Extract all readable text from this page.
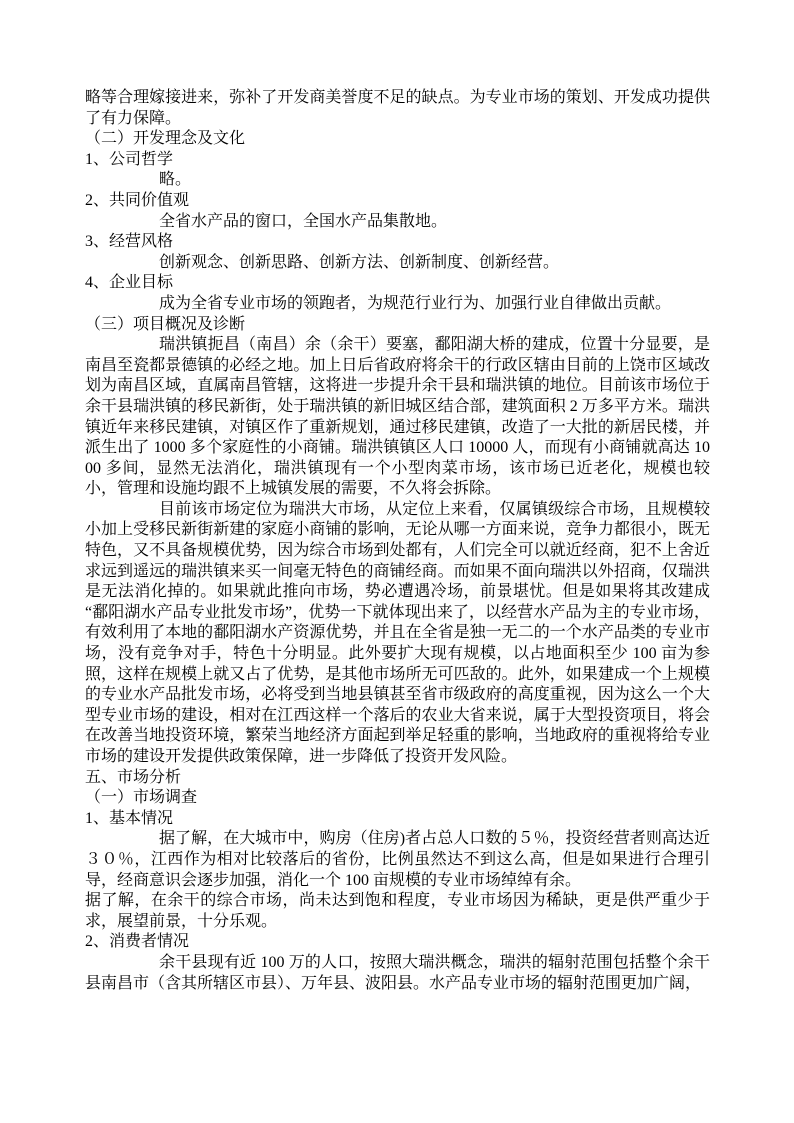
略等合理嫁接进来，弥补了开发商美誉度不足的缺点。为专业市场的策划、开发成功提供了有力保障。

（二）开发理念及文化

1、公司哲学

略。

2、共同价值观

全省水产品的窗口，全国水产品集散地。

3、经营风格

创新观念、创新思路、创新方法、创新制度、创新经营。

4、企业目标

成为全省专业市场的领跑者，为规范行业行为、加强行业自律做出贡献。

（三）项目概况及诊断

瑞洪镇扼昌（南昌）余（余干）要塞，鄱阳湖大桥的建成，位置十分显要，是南昌至瓷都景德镇的必经之地。加上日后省政府将余干的行政区辖由目前的上饶市区域改划为南昌区域，直属南昌管辖，这将进一步提升余干县和瑞洪镇的地位。目前该市场位于余干县瑞洪镇的移民新街，处于瑞洪镇的新旧城区结合部，建筑面积 2 万多平方米。瑞洪镇近年来移民建镇，对镇区作了重新规划，通过移民建镇，改造了一大批的新居民楼，并派生出了 1000 多个家庭性的小商铺。瑞洪镇镇区人口 10000 人，而现有小商铺就高达 1000 多间，显然无法消化，瑞洪镇现有一个小型肉菜市场，该市场已近老化，规模也较小，管理和设施均跟不上城镇发展的需要，不久将会拆除。

目前该市场定位为瑞洪大市场，从定位上来看，仅属镇级综合市场，且规模较小加上受移民新街新建的家庭小商铺的影响，无论从哪一方面来说，竞争力都很小，既无特色，又不具备规模优势，因为综合市场到处都有，人们完全可以就近经商，犯不上舍近求远到遥远的瑞洪镇来买一间毫无特色的商铺经商。而如果不面向瑞洪以外招商，仅瑞洪是无法消化掉的。如果就此推向市场，势必遭遇冷场，前景堪忧。但是如果将其改建成“鄱阳湖水产品专业批发市场”，优势一下就体现出来了，以经营水产品为主的专业市场，有效利用了本地的鄱阳湖水产资源优势，并且在全省是独一无二的一个水产品类的专业市场，没有竞争对手，特色十分明显。此外要扩大现有规模，以占地面积至少 100 亩为参照，这样在规模上就又占了优势，是其他市场所无可匹敌的。此外，如果建成一个上规模的专业水产品批发市场，必将受到当地县镇甚至省市级政府的高度重视，因为这么一个大型专业市场的建设，相对在江西这样一个落后的农业大省来说，属于大型投资项目，将会在改善当地投资环境，繁荣当地经济方面起到举足轻重的影响，当地政府的重视将给专业市场的建设开发提供政策保障，进一步降低了投资开发风险。

五、市场分析

（一）市场调查

1、基本情况

据了解，在大城市中，购房（住房)者占总人口数的５％，投资经营者则高达近３０％，江西作为相对比较落后的省份，比例虽然达不到这么高，但是如果进行合理引导，经商意识会逐步加强，消化一个 100 亩规模的专业市场绰绰有余。

据了解，在余干的综合市场，尚未达到饱和程度，专业市场因为稀缺，更是供严重少于求，展望前景，十分乐观。

2、消费者情况

余干县现有近 100 万的人口，按照大瑞洪概念，瑞洪的辐射范围包括整个余干县南昌市（含其所辖区市县）、万年县、波阳县。水产品专业市场的辐射范围更加广阔，
